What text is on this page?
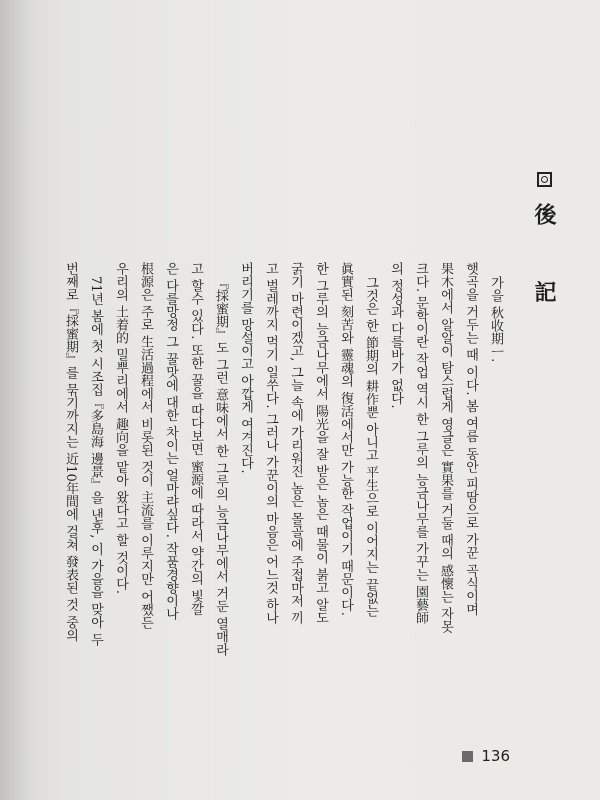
後 記
가을 秋收期ㅡ.
햇곡을 거두는 때 이다. 봄 여름 동안 피땀으로 가꾼 곡식이며
果木에서 알알이 탐스럽게 영글은 實果를 거둘 때의 感懷는 자못
크다. 문학이란 작업 역시 한 그루의 능금나무를 가꾸는 園藝師
의 정성과 다를바가 없다.
그것은 한 節期의 耕作뿐 아니고 平生으로 이어지는 끝없는
眞實된 刻苦와 靈魂의 復活에서만 가능한 작업이기 때문이다.
한 그루의 능금나무에서 陽光을 잘 받은 놈은 때물이 붉고 알도
굵기 마련이겠고, 그늘 속에 가리워진 놈은 몰골에 주접마저 끼
고 벌레까지 먹기 일쑤다. 그러나 가꾼이의 마음은 어느것 하나
버리기를 망설이고 아깝게 여겨진다.
『採蜜期』도 그런 意味에서 한 그루의 능금나무에서 거둔 열매라
고 할수 있다. 또한 꿀을 따다보면 蜜源에 따라서 약간의 빛깔
은 다를망정 그 꿀맛에 대한 차이는 얼마랴싶다. 작품경향이나
根源은 주로 生活過程에서 비롯된 것이 主流를 이루지만 어쨌든
우리의 土着的 밀뿌리에서 趣向을 맡아 왔다고 할 것이다.
71년 봄에 첫 시조집『多島海 邊景』을 낸후, 이 가을을 맞아 두
번째로『採蜜期』를 묶기까지는 近10年間에 걸쳐 發表된 것 중의
136
